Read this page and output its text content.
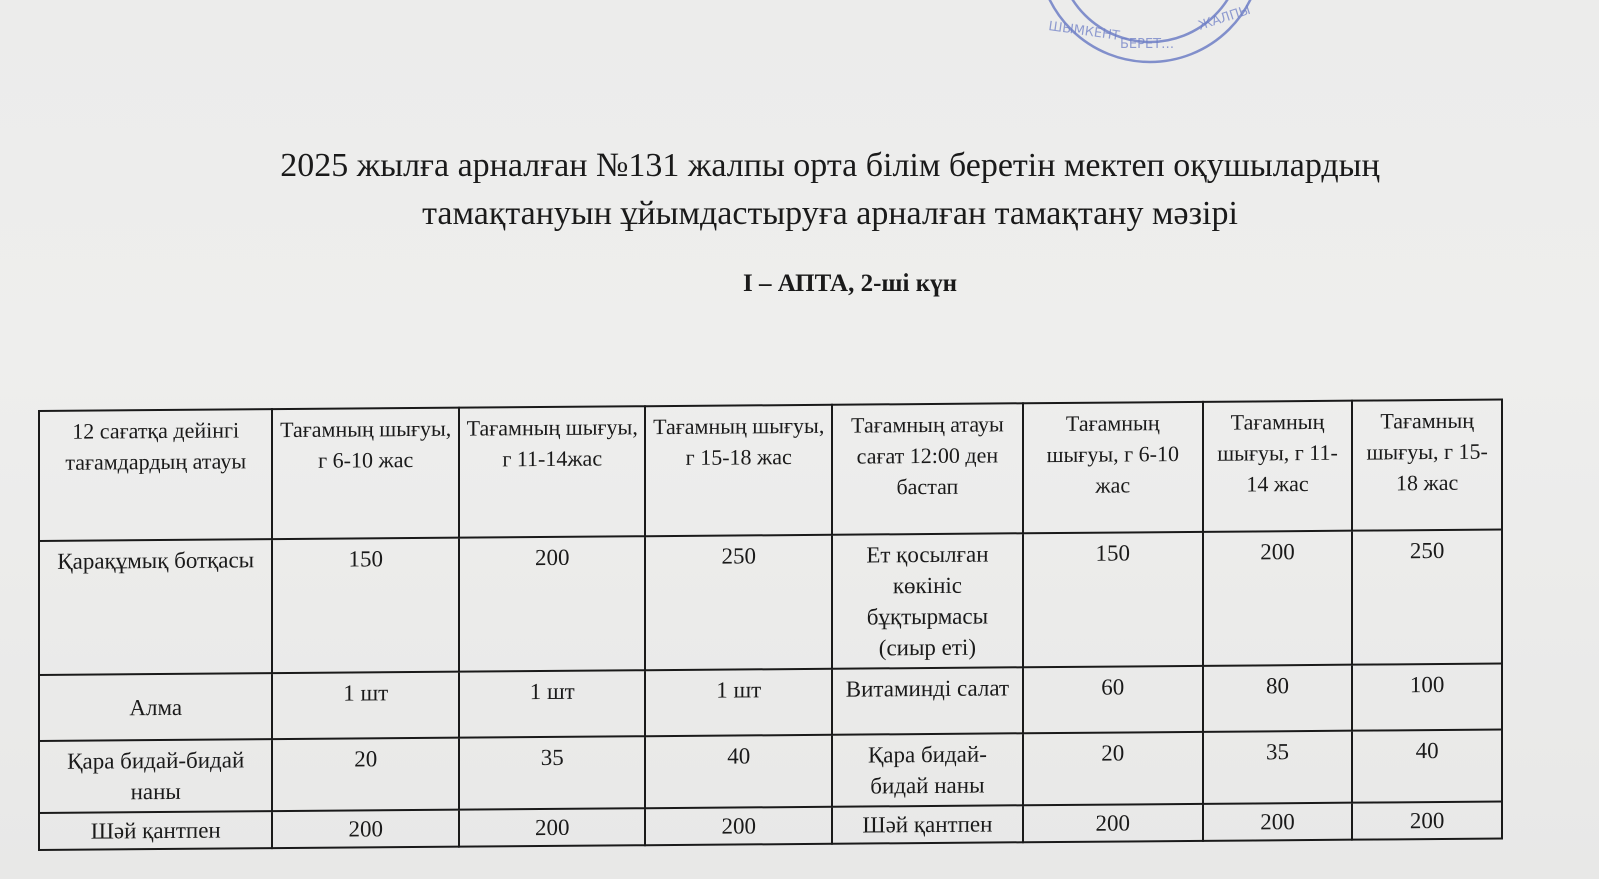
ШЫМКЕНТ
БЕРЕТ…
ЖАЛПЫ
2025 жылға арналған №131 жалпы орта білім беретін мектеп оқушылардың
тамақтануын ұйымдастыруға арналған тамақтану мәзірі
I – АПТА, 2-ші күн
12 сағатқа дейінгі тағамдардың атауы	Тағамның шығуы, г 6-10 жас	Тағамның шығуы, г 11-14жас	Тағамның шығуы, г 15-18 жас	Тағамның атауы сағат 12:00 ден бастап	Тағамның шығуы, г 6-10 жас	Тағамның шығуы, г 11-14 жас	Тағамның шығуы, г 15-18 жас
Қарақұмық ботқасы	150	200	250	Ет қосылған көкініс бұқтырмасы (сиыр еті)	150	200	250
Алма	1 шт	1 шт	1 шт	Витаминді салат	60	80	100
Қара бидай-бидай наны	20	35	40	Қара бидай-бидай наны	20	35	40
Шәй қантпен	200	200	200	Шәй қантпен	200	200	200
